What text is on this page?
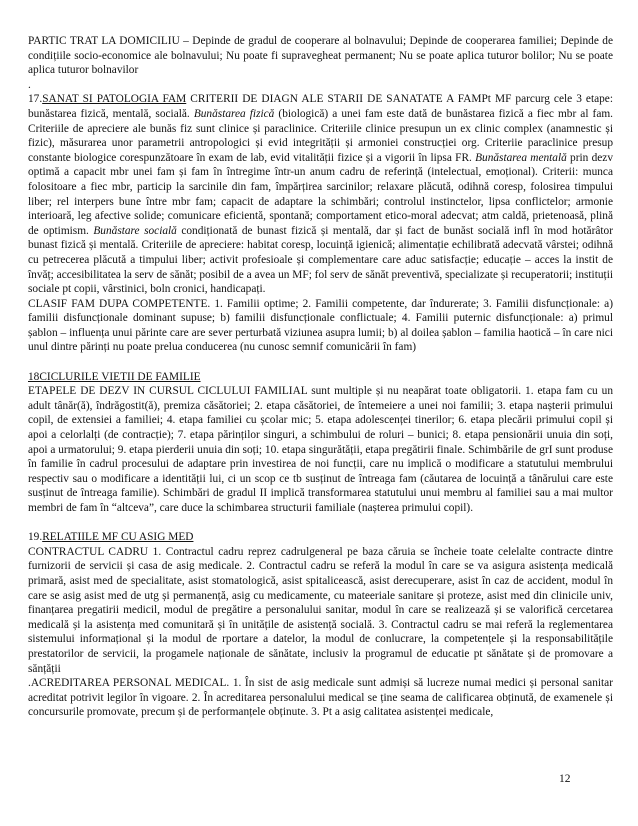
PARTIC TRAT LA DOMICILIU – Depinde de gradul de cooperare al bolnavului; Depinde de cooperarea familiei; Depinde de condițiile socio-economice ale bolnavului; Nu poate fi supravegheat permanent; Nu se poate aplica tuturor bolilor; Nu se poate aplica tuturor bolnavilor

.

17.SANAT SI PATOLOGIA FAM CRITERII DE DIAGN ALE STARII DE SANATATE A FAMPt MF parcurg cele 3 etape: bunăstarea fizică, mentală, socială. Bunăstarea fizică (biologică) a unei fam este dată de bunăstarea fizică a fiec mbr al fam. Criteriile de apreciere ale bunăs fiz sunt clinice și paraclinice. Criteriile clinice presupun un ex clinic complex (anamnestic și fizic), măsurarea unor parametrii antropologici și evid integrității și armoniei construcției org. Criteriie paraclinice presup constante biologice corespunzătoare în exam de lab, evid vitalității fizice și a vigorii în lipsa FR. Bunăstarea mentală prin dezv optimă a capacit mbr unei fam și fam în întregime într-un anum cadru de referință (intelectual, emoțional). Criterii: munca folositoare a fiec mbr, particip la sarcinile din fam, împărțirea sarcinilor; relaxare plăcută, odihnă coresp, folosirea timpului liber; rel interpers bune între mbr fam; capacit de adaptare la schimbări; controlul instinctelor, lipsa conflictelor; armonie interioară, leg afective solide; comunicare eficientă, spontană; comportament etico-moral adecvat; atm caldă, prietenoasă, plină de optimism. Bunăstare socială condiționată de bunast fizică și mentală, dar și fact de bunăst socială infl în mod hotărâtor bunast fizică și mentală. Criteriile de apreciere: habitat coresp, locuință igienică; alimentație echilibrată adecvată vârstei; odihnă cu petrecerea plăcută a timpului liber; activit profesioale și complementare care aduc satisfacție; educație – acces la instit de învăț; accesibilitatea la serv de sănăt; posibil de a avea un MF; fol serv de sănăt preventivă, specializate și recuperatorii; instituții sociale pt copii, vârstinici, boln cronici, handicapați.

CLASIF FAM DUPA COMPETENTE. 1. Familii optime; 2. Familii competente, dar îndurerate; 3. Familii disfuncționale: a) familii disfuncționale dominant supuse; b) familii disfuncționale conflictuale; 4. Familii puternic disfuncționale: a) primul șablon – influența unui părinte care are sever perturbată viziunea asupra lumii; b) al doilea șablon – familia haotică – în care nici unul dintre părinți nu poate prelua conducerea (nu cunosc semnif comunicării în fam)

18CICLURILE VIETII DE FAMILIE

ETAPELE DE DEZV IN CURSUL CICLULUI FAMILIAL sunt multiple și nu neapărat toate obligatorii. 1. etapa fam cu un adult tânăr(ă), îndrăgostit(ă), premiza căsătoriei; 2. etapa căsătoriei, de întemeiere a unei noi familii; 3. etapa nașterii primului copil, de extensiei a familiei; 4. etapa familiei cu școlar mic; 5. etapa adolescenței tinerilor; 6. etapa plecării primului copil și apoi a celorlalți (de contracție); 7. etapa părinților singuri, a schimbului de roluri – bunici; 8. etapa pensionării unuia din soți, apoi a urmatorului; 9. etapa pierderii unuia din soți; 10. etapa singurătății, etapa pregătirii finale. Schimbările de grI sunt produse în familie în cadrul procesului de adaptare prin investirea de noi funcții, care nu implică o modificare a statutului membrului respectiv sau o modificare a identității lui, ci un scop ce tb susținut de întreaga fam (căutarea de locuință a tânărului care este susținut de întreaga familie). Schimbări de gradul II implică transformarea statutului unui membru al familiei sau a mai multor membri de fam în “altceva”, care duce la schimbarea structurii familiale (nașterea primului copil).

19.RELATIILE MF CU ASIG MED

CONTRACTUL CADRU 1. Contractul cadru reprez cadrulgeneral pe baza căruia se încheie toate celelalte contracte dintre furnizorii de servicii și casa de asig medicale. 2. Contractul cadru se referă la modul în care se va asigura asistența medicală primară, asist med de specialitate, asist stomatologică, asist spitalicească, asist derecuperare, asist în caz de accident, modul în care se asig asist med de utg și permanență, asig cu medicamente, cu mateeriale sanitare și proteze, asist med din clinicile univ, finanțarea pregatirii medicil, modul de pregătire a personalului sanitar, modul în care se realizează și se valorifică cercetarea medicală și la asistența med comunitară și în unitățile de asistență socială. 3. Contractul cadru se mai referă la reglementarea sistemului informațional și la modul de rportare a datelor, la modul de conlucrare, la competențele și la responsabilitățile prestatorilor de servicii, la progamele naționale de sănătate, inclusiv la programul de educatie pt sănătate și de promovare a sănțății

.ACREDITAREA PERSONAL MEDICAL. 1. În sist de asig medicale sunt admiși să lucreze numai medici și personal sanitar acreditat potrivit legilor în vigoare. 2. În acreditarea personalului medical se ține seama de calificarea obținută, de examenele și concursurile promovate, precum și de performanțele obținute. 3. Pt a asig calitatea asistenței medicale,

12
